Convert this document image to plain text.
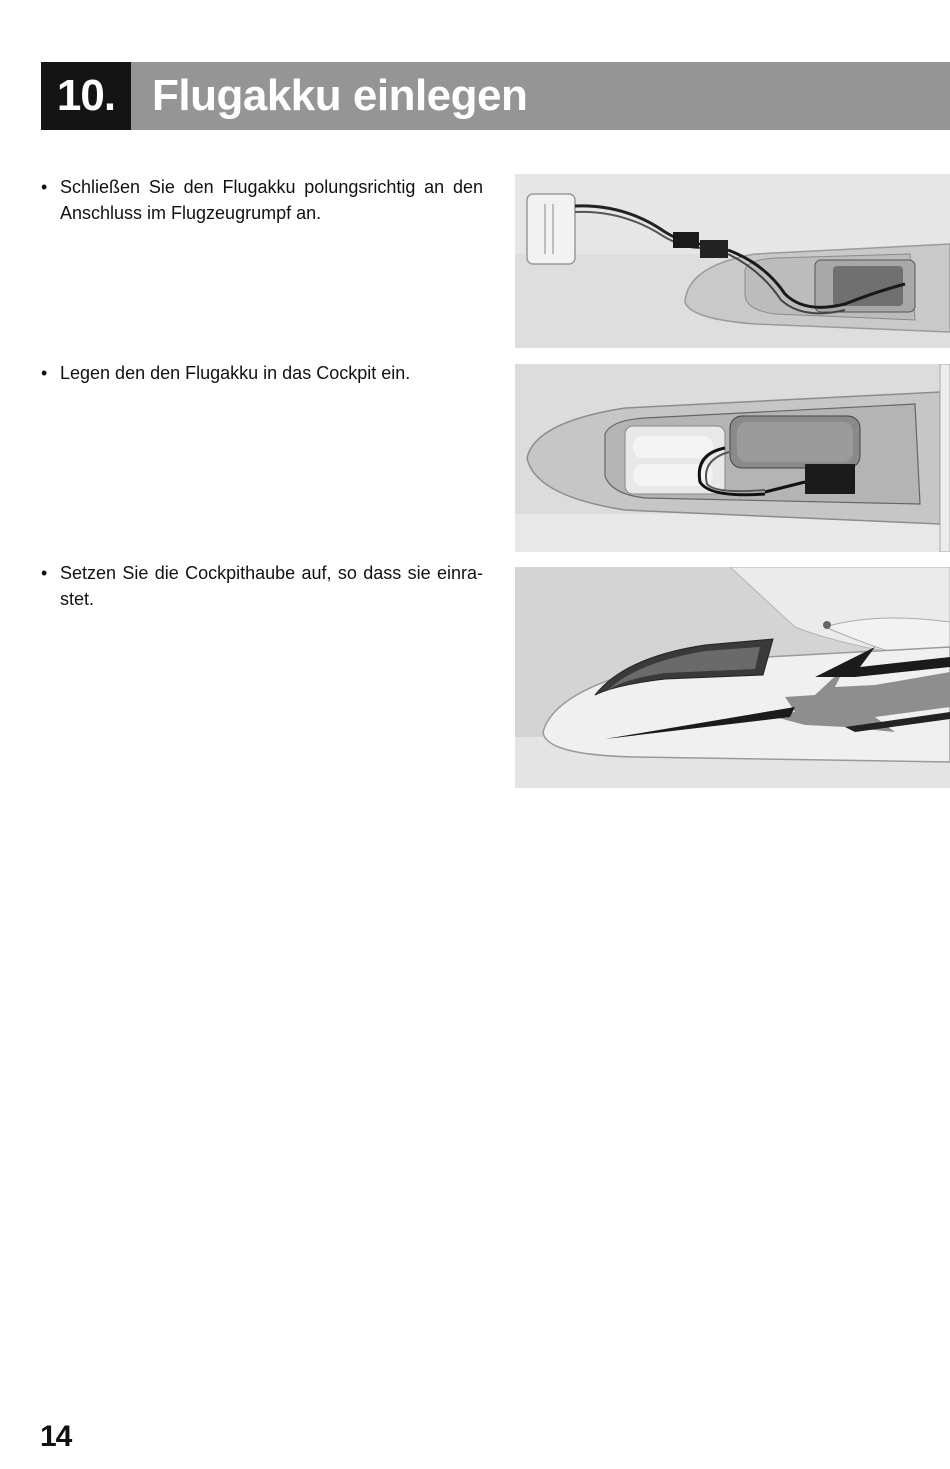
10. Flugakku einlegen
• Schließen Sie den Flugakku polungsrichtig an den Anschluss im Flugzeugrumpf an.
• Legen den den Flugakku in das Cockpit ein.
• Setzen Sie die Cockpithaube auf, so dass sie einrastet.
14
